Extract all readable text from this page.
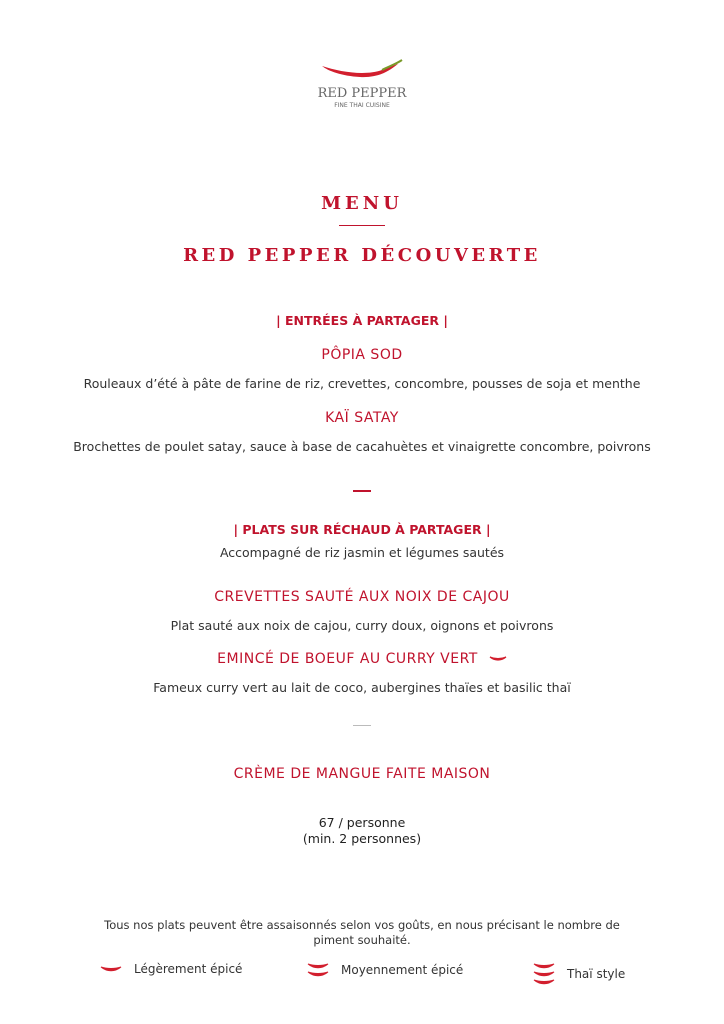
RED PEPPER
FINE THAI CUISINE
MENU
RED PEPPER DÉCOUVERTE
| ENTRÉES À PARTAGER |
PÔPIA SOD
Rouleaux d’été à pâte de farine de riz, crevettes, concombre, pousses de soja et menthe
KAÏ SATAY
Brochettes de poulet satay, sauce à base de cacahuètes et vinaigrette concombre, poivrons
| PLATS SUR RÉCHAUD À PARTAGER |
Accompagné de riz jasmin et légumes sautés
CREVETTES SAUTÉ AUX NOIX DE CAJOU
Plat sauté aux noix de cajou, curry doux, oignons et poivrons
EMINCÉ DE BOEUF AU CURRY VERT
Fameux curry vert au lait de coco, aubergines thaïes et basilic thaï
CRÈME DE MANGUE FAITE MAISON
67 / personne
(min. 2 personnes)
Tous nos plats peuvent être assaisonnés selon vos goûts, en nous précisant le nombre de piment souhaité.
Légèrement épicé	Moyennement épicé	Thaï style
